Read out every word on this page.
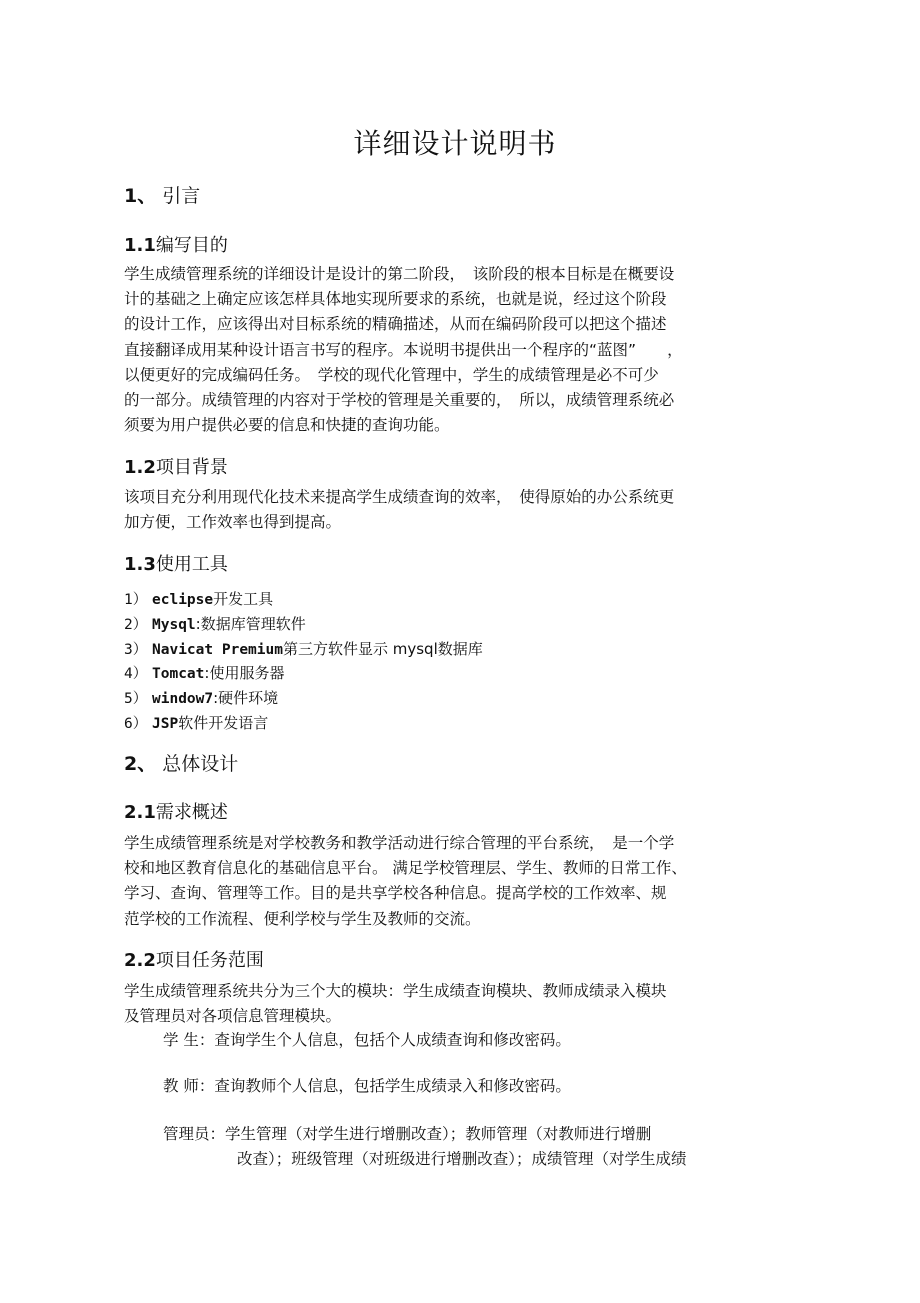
详细设计说明书
1、 引言
1.1编写目的

学生成绩管理系统的详细设计是设计的第二阶段，　该阶段的根本目标是在概要设
计的基础之上确定应该怎样具体地实现所要求的系统，也就是说，经过这个阶段
的设计工作，应该得出对目标系统的精确描述，从而在编码阶段可以把这个描述
直接翻译成用某种设计语言书写的程序。本说明书提供出一个程序的“蓝图”　　，
以便更好的完成编码任务。　学校的现代化管理中，学生的成绩管理是必不可少
的一部分。成绩管理的内容对于学校的管理是关重要的，　所以，成绩管理系统必
须要为用户提供必要的信息和快捷的查询功能。

1.2项目背景

该项目充分利用现代化技术来提高学生成绩查询的效率，　使得原始的办公系统更
加方便，工作效率也得到提高。

1.3使用工具
1） eclipse开发工具
2） Mysql:数据库管理软件
3） Navicat Premium第三方软件显示 mysql数据库
4） Tomcat:使用服务器
5） window7:硬件环境
6） JSP软件开发语言
2、 总体设计
2.1需求概述

学生成绩管理系统是对学校教务和教学活动进行综合管理的平台系统，　是一个学
校和地区教育信息化的基础信息平台。 满足学校管理层、学生、教师的日常工作、
学习、查询、管理等工作。目的是共享学校各种信息。提高学校的工作效率、规
范学校的工作流程、便利学校与学生及教师的交流。

2.2项目任务范围

学生成绩管理系统共分为三个大的模块：学生成绩查询模块、教师成绩录入模块
及管理员对各项信息管理模块。

学 生：查询学生个人信息，包括个人成绩查询和修改密码。

教 师：查询教师个人信息，包括学生成绩录入和修改密码。

管理员：学生管理（对学生进行增删改查）；教师管理（对教师进行增删

改查）；班级管理（对班级进行增删改查）；成绩管理（对学生成绩
